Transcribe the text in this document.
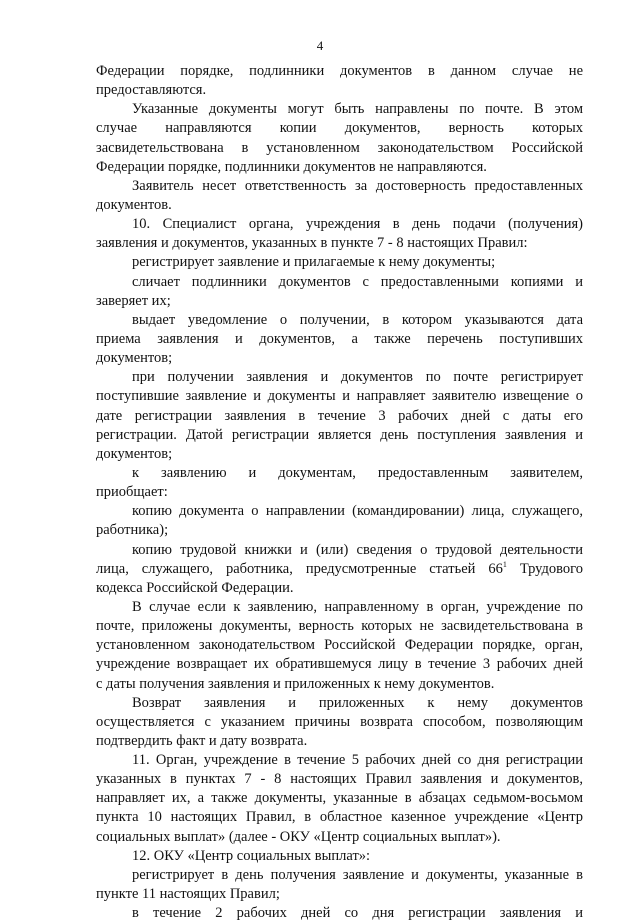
4
Федерации порядке, подлинники документов в данном случае не
предоставляются.
Указанные документы могут быть направлены по почте. В этом
случае направляются копии документов, верность которых
засвидетельствована в установленном законодательством Российской
Федерации порядке, подлинники документов не направляются.
Заявитель несет ответственность за достоверность предоставленных
документов.
10. Специалист органа, учреждения в день подачи (получения)
заявления и документов, указанных в пункте 7 - 8 настоящих Правил:
регистрирует заявление и прилагаемые к нему документы;
сличает подлинники документов с предоставленными копиями и
заверяет их;
выдает уведомление о получении, в котором указываются дата
приема заявления и документов, а также перечень поступивших
документов;
при получении заявления и документов по почте регистрирует
поступившие заявление и документы и направляет заявителю извещение о
дате регистрации заявления в течение 3 рабочих дней с даты его
регистрации. Датой регистрации является день поступления заявления и
документов;
к заявлению и документам, предоставленным заявителем,
приобщает:
копию документа о направлении (командировании) лица, служащего,
работника);
копию трудовой книжки и (или) сведения о трудовой деятельности
лица, служащего, работника, предусмотренные статьей $66^1$ Трудового
кодекса Российской Федерации.
В случае если к заявлению, направленному в орган, учреждение по
почте, приложены документы, верность которых не засвидетельствована в
установленном законодательством Российской Федерации порядке, орган,
учреждение возвращает их обратившемуся лицу в течение 3 рабочих дней
с даты получения заявления и приложенных к нему документов.
Возврат заявления и приложенных к нему документов
осуществляется с указанием причины возврата способом, позволяющим
подтвердить факт и дату возврата.
11. Орган, учреждение в течение 5 рабочих дней со дня регистрации
указанных в пунктах 7 - 8 настоящих Правил заявления и документов,
направляет их, а также документы, указанные в абзацах седьмом-восьмом
пункта 10 настоящих Правил, в областное казенное учреждение «Центр
социальных выплат» (далее - ОКУ «Центр социальных выплат»).
12. ОКУ «Центр социальных выплат»:
регистрирует в день получения заявление и документы, указанные в
пункте 11 настоящих Правил;
в течение 2 рабочих дней со дня регистрации заявления и
